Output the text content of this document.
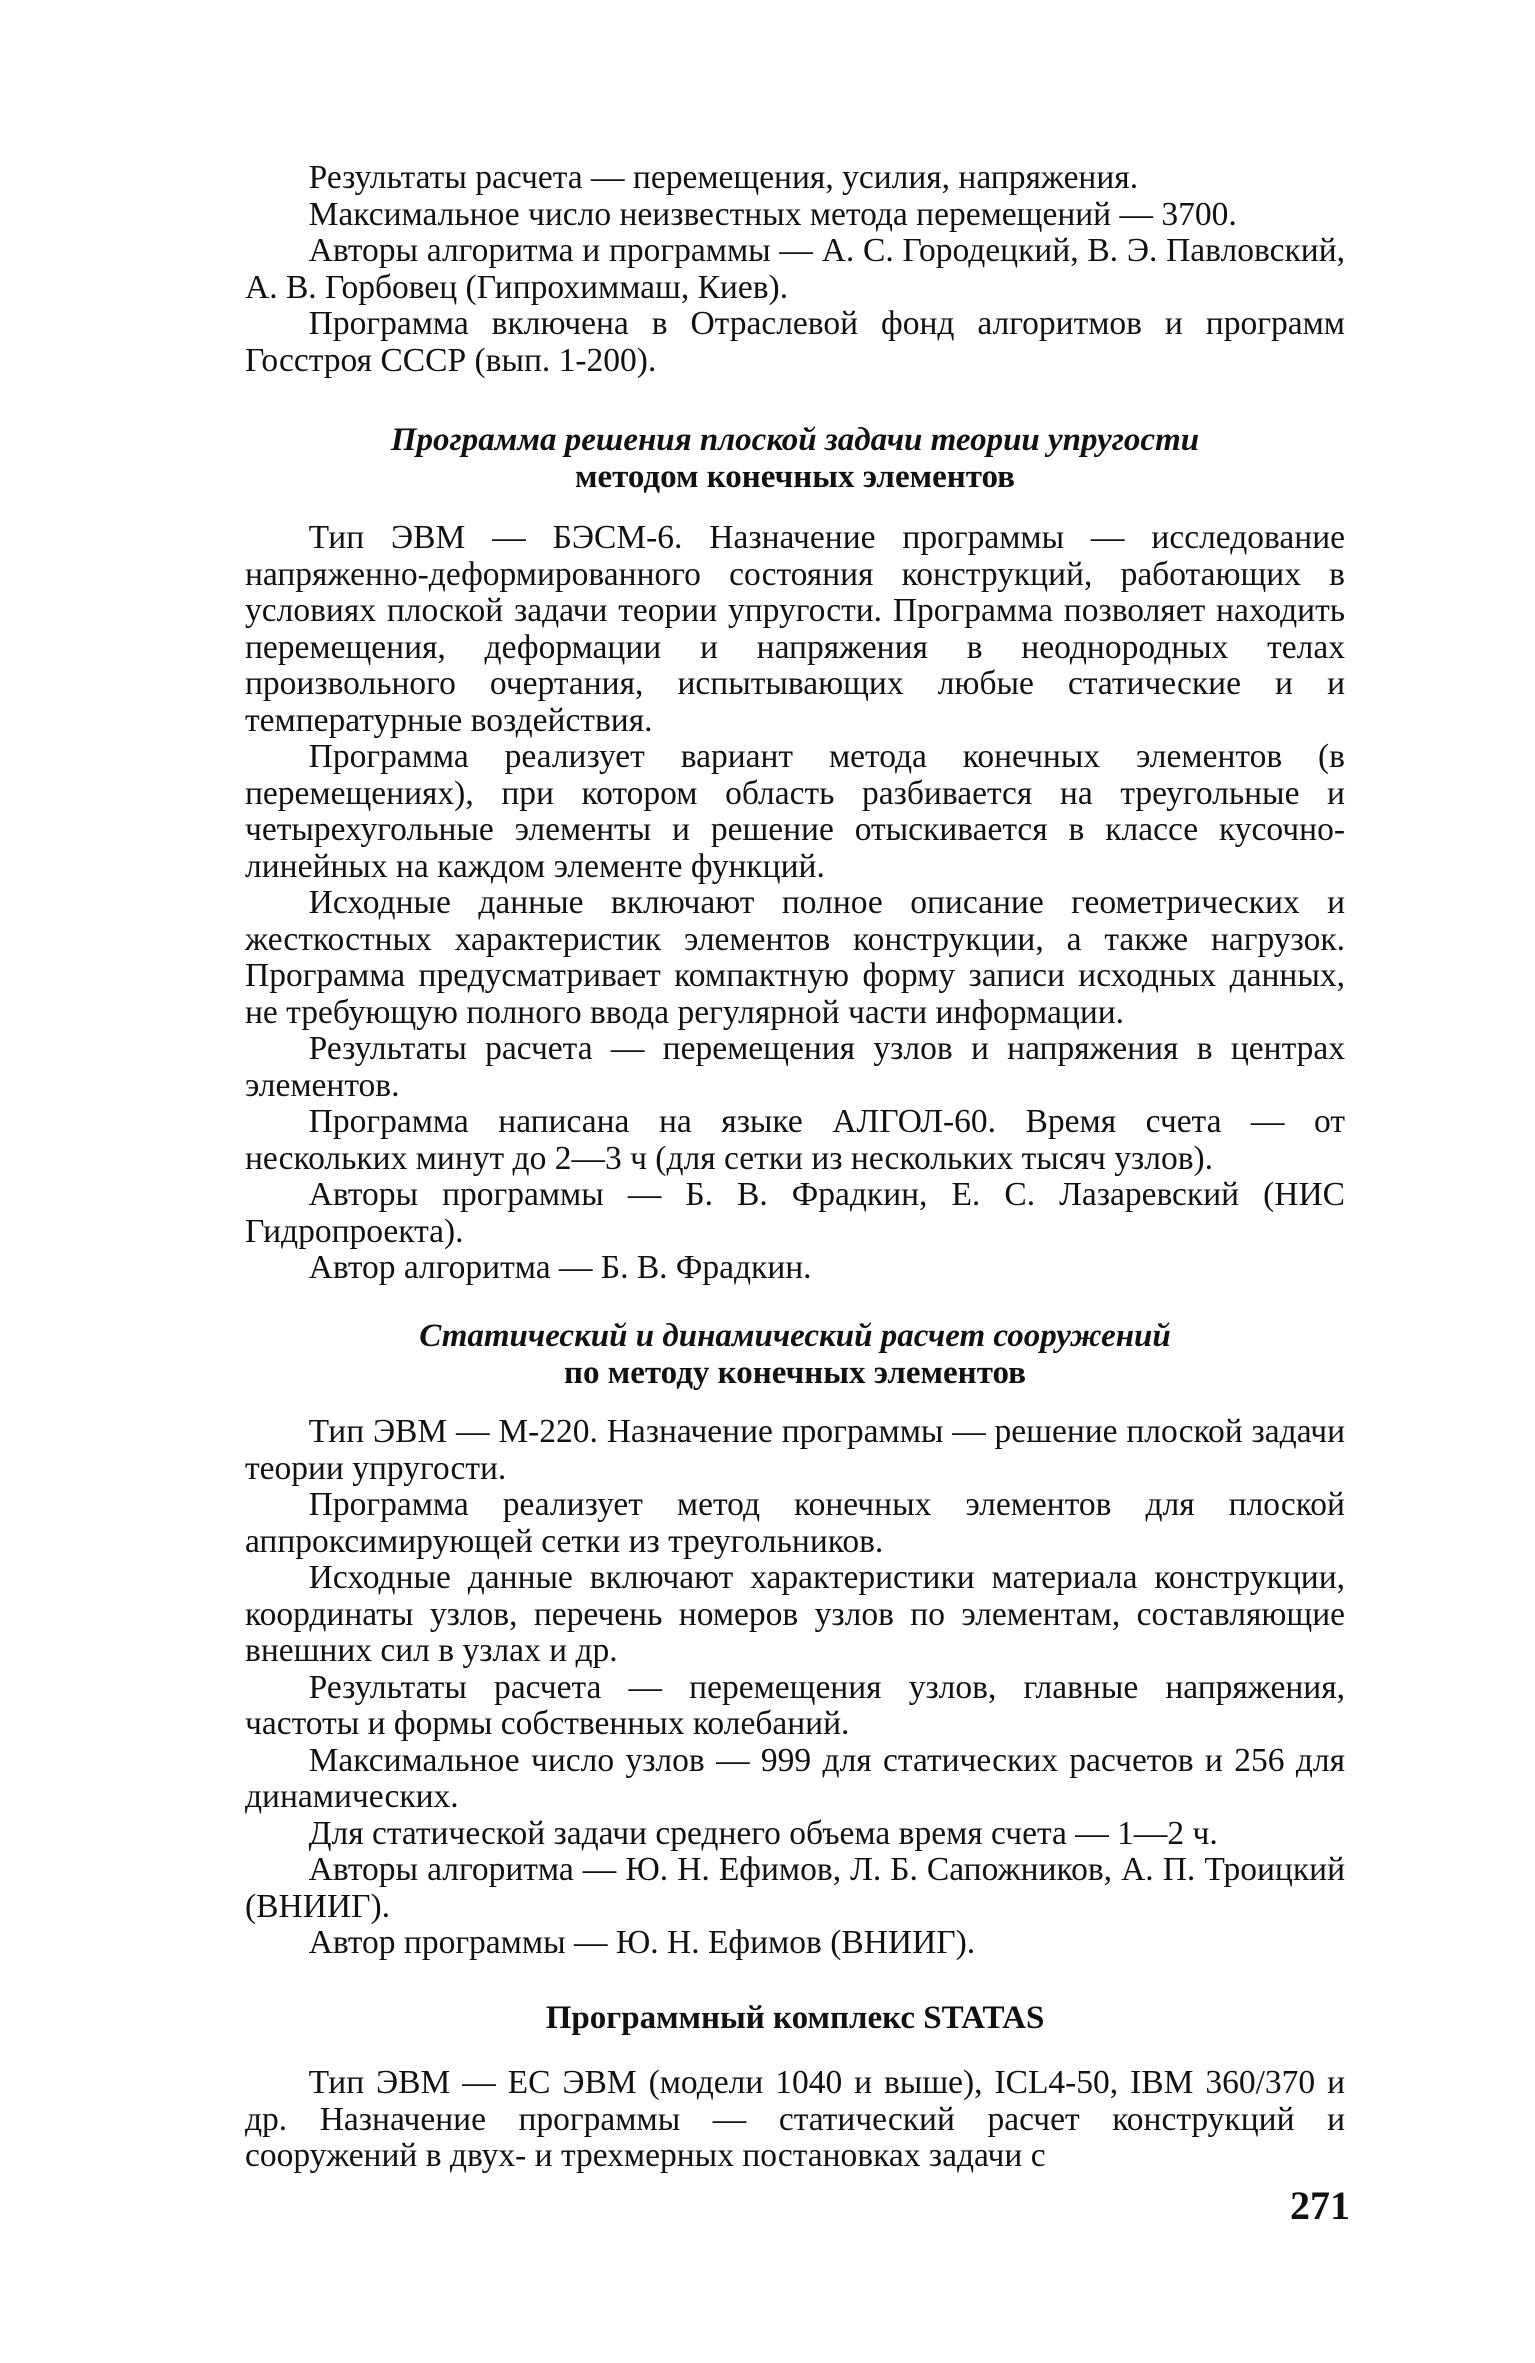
Результаты расчета — перемещения, усилия, напряжения.

Максимальное число неизвестных метода перемещений — 3700.

Авторы алгоритма и программы — А. С. Городецкий, В. Э. Павловский, А. В. Горбовец (Гипрохиммаш, Киев).

Программа включена в Отраслевой фонд алгоритмов и программ Госстроя СССР (вып. 1-200).

Программа решения плоской задачи теории упругости
методом конечных элементов

Тип ЭВМ — БЭСМ-6. Назначение программы — исследование напряженно-деформированного состояния конструкций, работающих в условиях плоской задачи теории упругости. Программа позволяет находить перемещения, деформации и напряжения в неоднородных телах произвольного очертания, испытывающих любые статические и и температурные воздействия.

Программа реализует вариант метода конечных элементов (в перемещениях), при котором область разбивается на треугольные и четырехугольные элементы и решение отыскивается в классе кусочно-линейных на каждом элементе функций.

Исходные данные включают полное описание геометрических и жесткостных характеристик элементов конструкции, а также нагрузок. Программа предусматривает компактную форму записи исходных данных, не требующую полного ввода регулярной части информации.

Результаты расчета — перемещения узлов и напряжения в центрах элементов.

Программа написана на языке АЛГОЛ-60. Время счета — от нескольких минут до 2—3 ч (для сетки из нескольких тысяч узлов).

Авторы программы — Б. В. Фрадкин, Е. С. Лазаревский (НИС Гидропроекта).

Автор алгоритма — Б. В. Фрадкин.

Статический и динамический расчет сооружений
по методу конечных элементов

Тип ЭВМ — М-220. Назначение программы — решение плоской задачи теории упругости.

Программа реализует метод конечных элементов для плоской аппроксимирующей сетки из треугольников.

Исходные данные включают характеристики материала конструкции, координаты узлов, перечень номеров узлов по элементам, составляющие внешних сил в узлах и др.

Результаты расчета — перемещения узлов, главные напряжения, частоты и формы собственных колебаний.

Максимальное число узлов — 999 для статических расчетов и 256 для динамических.

Для статической задачи среднего объема время счета — 1—2 ч.

Авторы алгоритма — Ю. Н. Ефимов, Л. Б. Сапожников, А. П. Троицкий (ВНИИГ).

Автор программы — Ю. Н. Ефимов (ВНИИГ).

Программный комплекс STATAS

Тип ЭВМ — ЕС ЭВМ (модели 1040 и выше), ICL4-50, IBM 360/370 и др. Назначение программы — статический расчет конструкций и сооружений в двух- и трехмерных постановках задачи с

271
